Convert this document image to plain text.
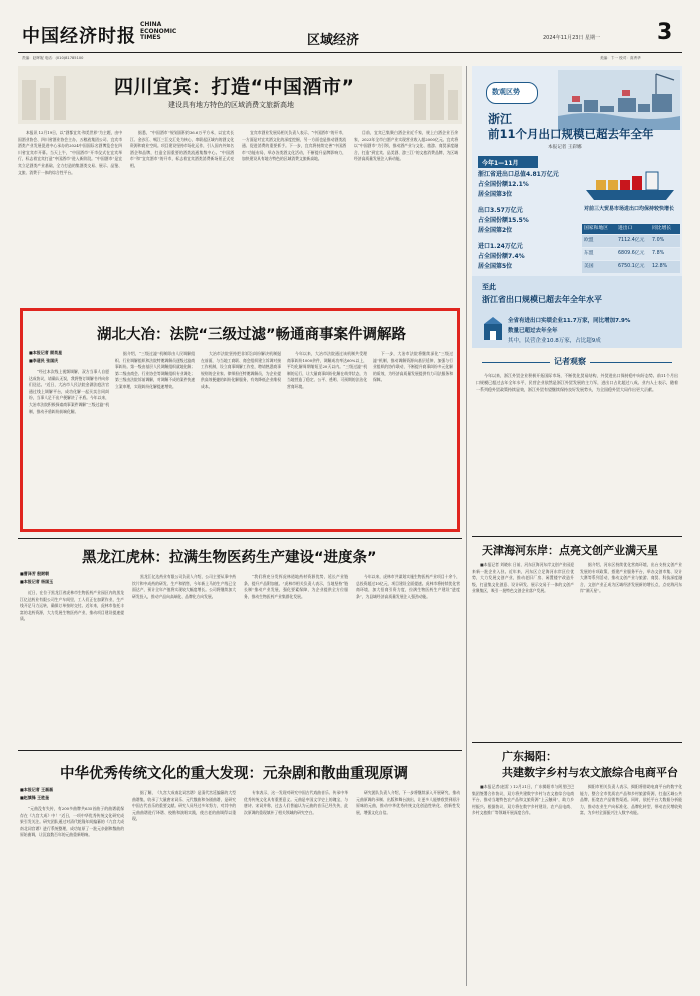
中国经济时报
CHINA
ECONOMIC
TIMES	区域经济	2024年11月23日 星期一	3
责编：赵晖妮 电话：(010)81785100	美编：卞一 校对：高秀华
四川宜宾：打造“中国酒市”
建设具有地方特色的区域消费文旅新高地

本报讯 12月19日，以“酒都宜宾·和美世界”为主题，由中国酒业协会、四川省酒业协会主办，五粮液集团公司、宜宾市酒类产业发展促进中心承办的2024中国国际名酒博览会在四川省宜宾市开幕。当天上午，“中国酒市”开市仪式在宜宾举行，标志着宜宾打造“中国酒市”进入新阶段。“中国酒市”是宜宾立足酒类产业基础，全力打造的集酒类交易、展示、品鉴、文旅、消费于一体的综合性平台。

据悉，“中国酒市”规划面积约36.6万平方米，以宜宾长江、金沙江、岷江三江交汇处为核心，串联起区域内的酒文化资源和商业空间。项目建设坚持市场化运作，引入国内外知名酒企和品牌，打造全国重要的酒类流通集散中心。“中国酒市”和“宜宾酒市”的开市，标志着宜宾酒类消费新场景正式亮相。

宜宾市酒业发展局相关负责人表示，“中国酒市”的开市，一方面是对宜宾酒文化的深度挖掘，另一方面也是推动酒类流通、促进消费的重要抓手。下一步，宜宾将持续完善“中国酒市”功能布局，举办各类酒文化活动，不断提升品牌影响力，加快建设具有地方特色的区域消费文旅新高地。

目前，宜宾已集聚白酒企业近千家，规上白酒企业百余家，2023年全市白酒产业实现营业收入超2000亿元。宜宾将以“中国酒市”为引领，推动酒产业与文化、旅游、商贸深度融合，打造“到宜宾、品美酒、游三江”的文旅消费品牌，为区域经济高质量发展注入新动能。

数观区势
浙江
前11个月出口规模已超去年全年
本报记者 王彩娜
今年1—11月
浙江省进出口总值4.81万亿元
占全国份额12.1%
居全国第3位
出口3.57万亿元
占全国份额15.5%
居全国第2位
进口1.24万亿元
占全国份额7.4%
居全国第5位
对前三大贸易市场进出口均保持较快增长
国家和地区	进出口	同比增长
欧盟	7112.4亿元	7.0%
东盟	6809.6亿元	7.8%
美国	6750.1亿元	12.8%
至此
浙江省出口规模已超去年全年水平
全省有进出口实绩企业11.7万家，同比增加7.9%
数量已超过去年全年
其中，民营企业10.8万家，占比超9成
记者观察

今年以来，浙江外贸企业积极开拓国际市场，不断优化贸易结构，外贸进出口保持稳中向好态势。前11个月出口规模已超过去年全年水平，民营企业依然是浙江外贸发展的主力军，进出口占比超过八成。业内人士表示，随着一系列稳外贸政策持续显效，浙江外贸有望继续保持良好发展势头，为全国稳外贸大局作出更大贡献。

湖北大冶：法院“三级过滤”畅通商事案件调解路
■本报记者 顾昊星
■李道民 张国庆

“经过本次线上视频调解，双方当事人自愿达成协议，请确认无误，我将签订调解书并向你们送达。”近日，大冶市人民法院金湖法庭法官通过线上调解平台，成功化解一起买卖合同纠纷，当事人足不出户便解决了矛盾。今年以来，大冶市法院积极探索商事案件调解“三级过滤”机制，推动矛盾纠纷前端化解。

据介绍，“三级过滤”机制即由人民调解组织、行业调解组织和法院特邀调解员逐级过滤商事纠纷。第一级由基层人民调解组织就地化解；第二级由商会、行业协会等调解组织专业调处；第三级由法院诉前调解，对调解不成的案件快速立案审理，实现纠纷化解提速增效。

大冶市法院坚持把非诉讼纠纷解决机制挺在前面，与当地工商联、商会组织建立诉调对接工作机制，设立商事调解工作室，聘请熟悉商事规则的企业家、律师担任特邀调解员，为企业提供高效便捷的纠纷化解服务，有效降低企业维权成本。

今年以来，大冶市法院通过该机制共受理商事纠纷1000余件，调解成功率达60%以上，平均化解周期缩短至20天以内。“三级过滤”机制的运行，让大量商事纠纷化解在萌芽状态，为当地营造了稳定、公平、透明、可预期的法治化营商环境。

下一步，大冶市法院将继续深化“三级过滤”机制，推动调解资源向基层延伸，加强与行业组织的协作联动，不断提升商事纠纷多元化解的质效，为经济高质量发展提供有力司法服务和保障。

天津海河东岸：点亮文创产业满天星

■本报记者 刘晓东 日前，河东区海河东岸文创产业园迎来新一批企业入驻。近年来，河东区立足海河东岸区位优势，大力发展文创产业，推动老旧厂房、闲置楼宇改造升级，打造集文化创意、设计研发、展示交易于一体的文创产业聚集区，吸引一批特色文创企业落户发展。

据介绍，河东区持续优化营商环境，出台支持文创产业发展的专项政策，搭建产业服务平台，举办文创市集、设计大赛等系列活动，推动文创产业与旅游、商贸、科技深度融合，文创产业正成为区域经济发展新的增长点，点亮海河东岸“满天星”。

黑龙江虎林：拉满生物医药生产建设“进度条”
■曹泽芳 殷耐朝
■本报记者 杨国玉

近日，在位于黑龙江省虎林市生物医药产业园区内的黑龙江亿达药业有限公司生产车间里，工人们正在加紧作业，生产线开足马力运转，确保订单按时交付。近年来，虎林市依托丰富的北药资源，大力发展生物医药产业，推动项目建设提速提质。

黑龙江亿达药业有限公司负责人介绍，公司主要从事中药饮片和中成药的研发、生产和销售，今年新上马的生产线已全面达产，预计全年产值将实现较大幅度增长。公司将继续加大研发投入，推动产品向高端化、品牌化方向发展。

“我们将充分发挥虎林道地药材资源优势，延长产业链条，提升产品附加值。”虎林市相关负责人表示，当地坚持“链长制”推动产业发展，强化要素保障，为企业提供全方位服务，推动生物医药产业集群化发展。

今年以来，虎林市共谋划实施生物医药产业项目十余个，总投资超过10亿元，项目建设全面提速。虎林市将持续优化营商环境，加大招商引资力度，拉满生物医药生产建设“进度条”，为县域经济高质量发展注入强劲动能。

广东揭阳：
共建数字乡村与农文旅综合电商平台

■本报记者(赵雷 ) 12月21日，广东揭阳市与阿里巴巴集团签署合作协议，双方将共建数字乡村与农文旅综合电商平台，推动当地特色农产品和文旅资源“上云触网”，助力乡村振兴。根据协议，双方将在数字乡村建设、农产品电商、乡村文旅推广等领域开展深度合作。

揭阳市相关负责人表示，揭阳将借助电商平台的数字化能力，整合全市优质农产品和乡村旅游资源，打造区域公共品牌，拓宽农产品销售渠道。同时，依托平台大数据分析能力，推动农业生产向标准化、品牌化转型，带动农民增收致富，为乡村全面振兴注入数字动能。

中华优秀传统文化的重大发现：元杂剧和散曲重现原调
■本报记者 王磊磊
■赵慎锋 王胜奎

“元曲没有失传，有200多曲牌共635首曲子的曲谱就保存在《九宫大成》中！”近日，一项中华优秀传统文化研究成果引发关注。研究团队通过对清代乾隆年间编纂的《九宫大成南北词宫谱》进行系统整理，成功复原了一批元杂剧和散曲的原始曲调，让沉寂数百年的元曲重新唱响。

据了解，《九宫大成南北词宫谱》是清代宫廷编纂的大型曲谱集，收录了大量唐宋词乐、元代散曲和杂剧曲谱，是研究中国古代音乐的重要文献。研究人员经过多年努力，对其中的元曲曲谱进行译谱、校勘和演唱实践，使古老的曲调得以重现。

专家表示，这一发现对研究中国古代戏曲音乐、传承中华优秀传统文化具有重要意义。元曲是中国文学史上的瑰宝，与唐诗、宋词并称，过去人们普遍认为元曲的音乐已经失传，此次原调的重现填补了相关领域的研究空白。

研究团队负责人介绍，下一步将继续深入开展研究，推动元曲原调的录制、出版和舞台演出，让更多人能够欣赏到原汁原味的元曲，推动中华优秀传统文化创造性转化、创新性发展，增强文化自信。
